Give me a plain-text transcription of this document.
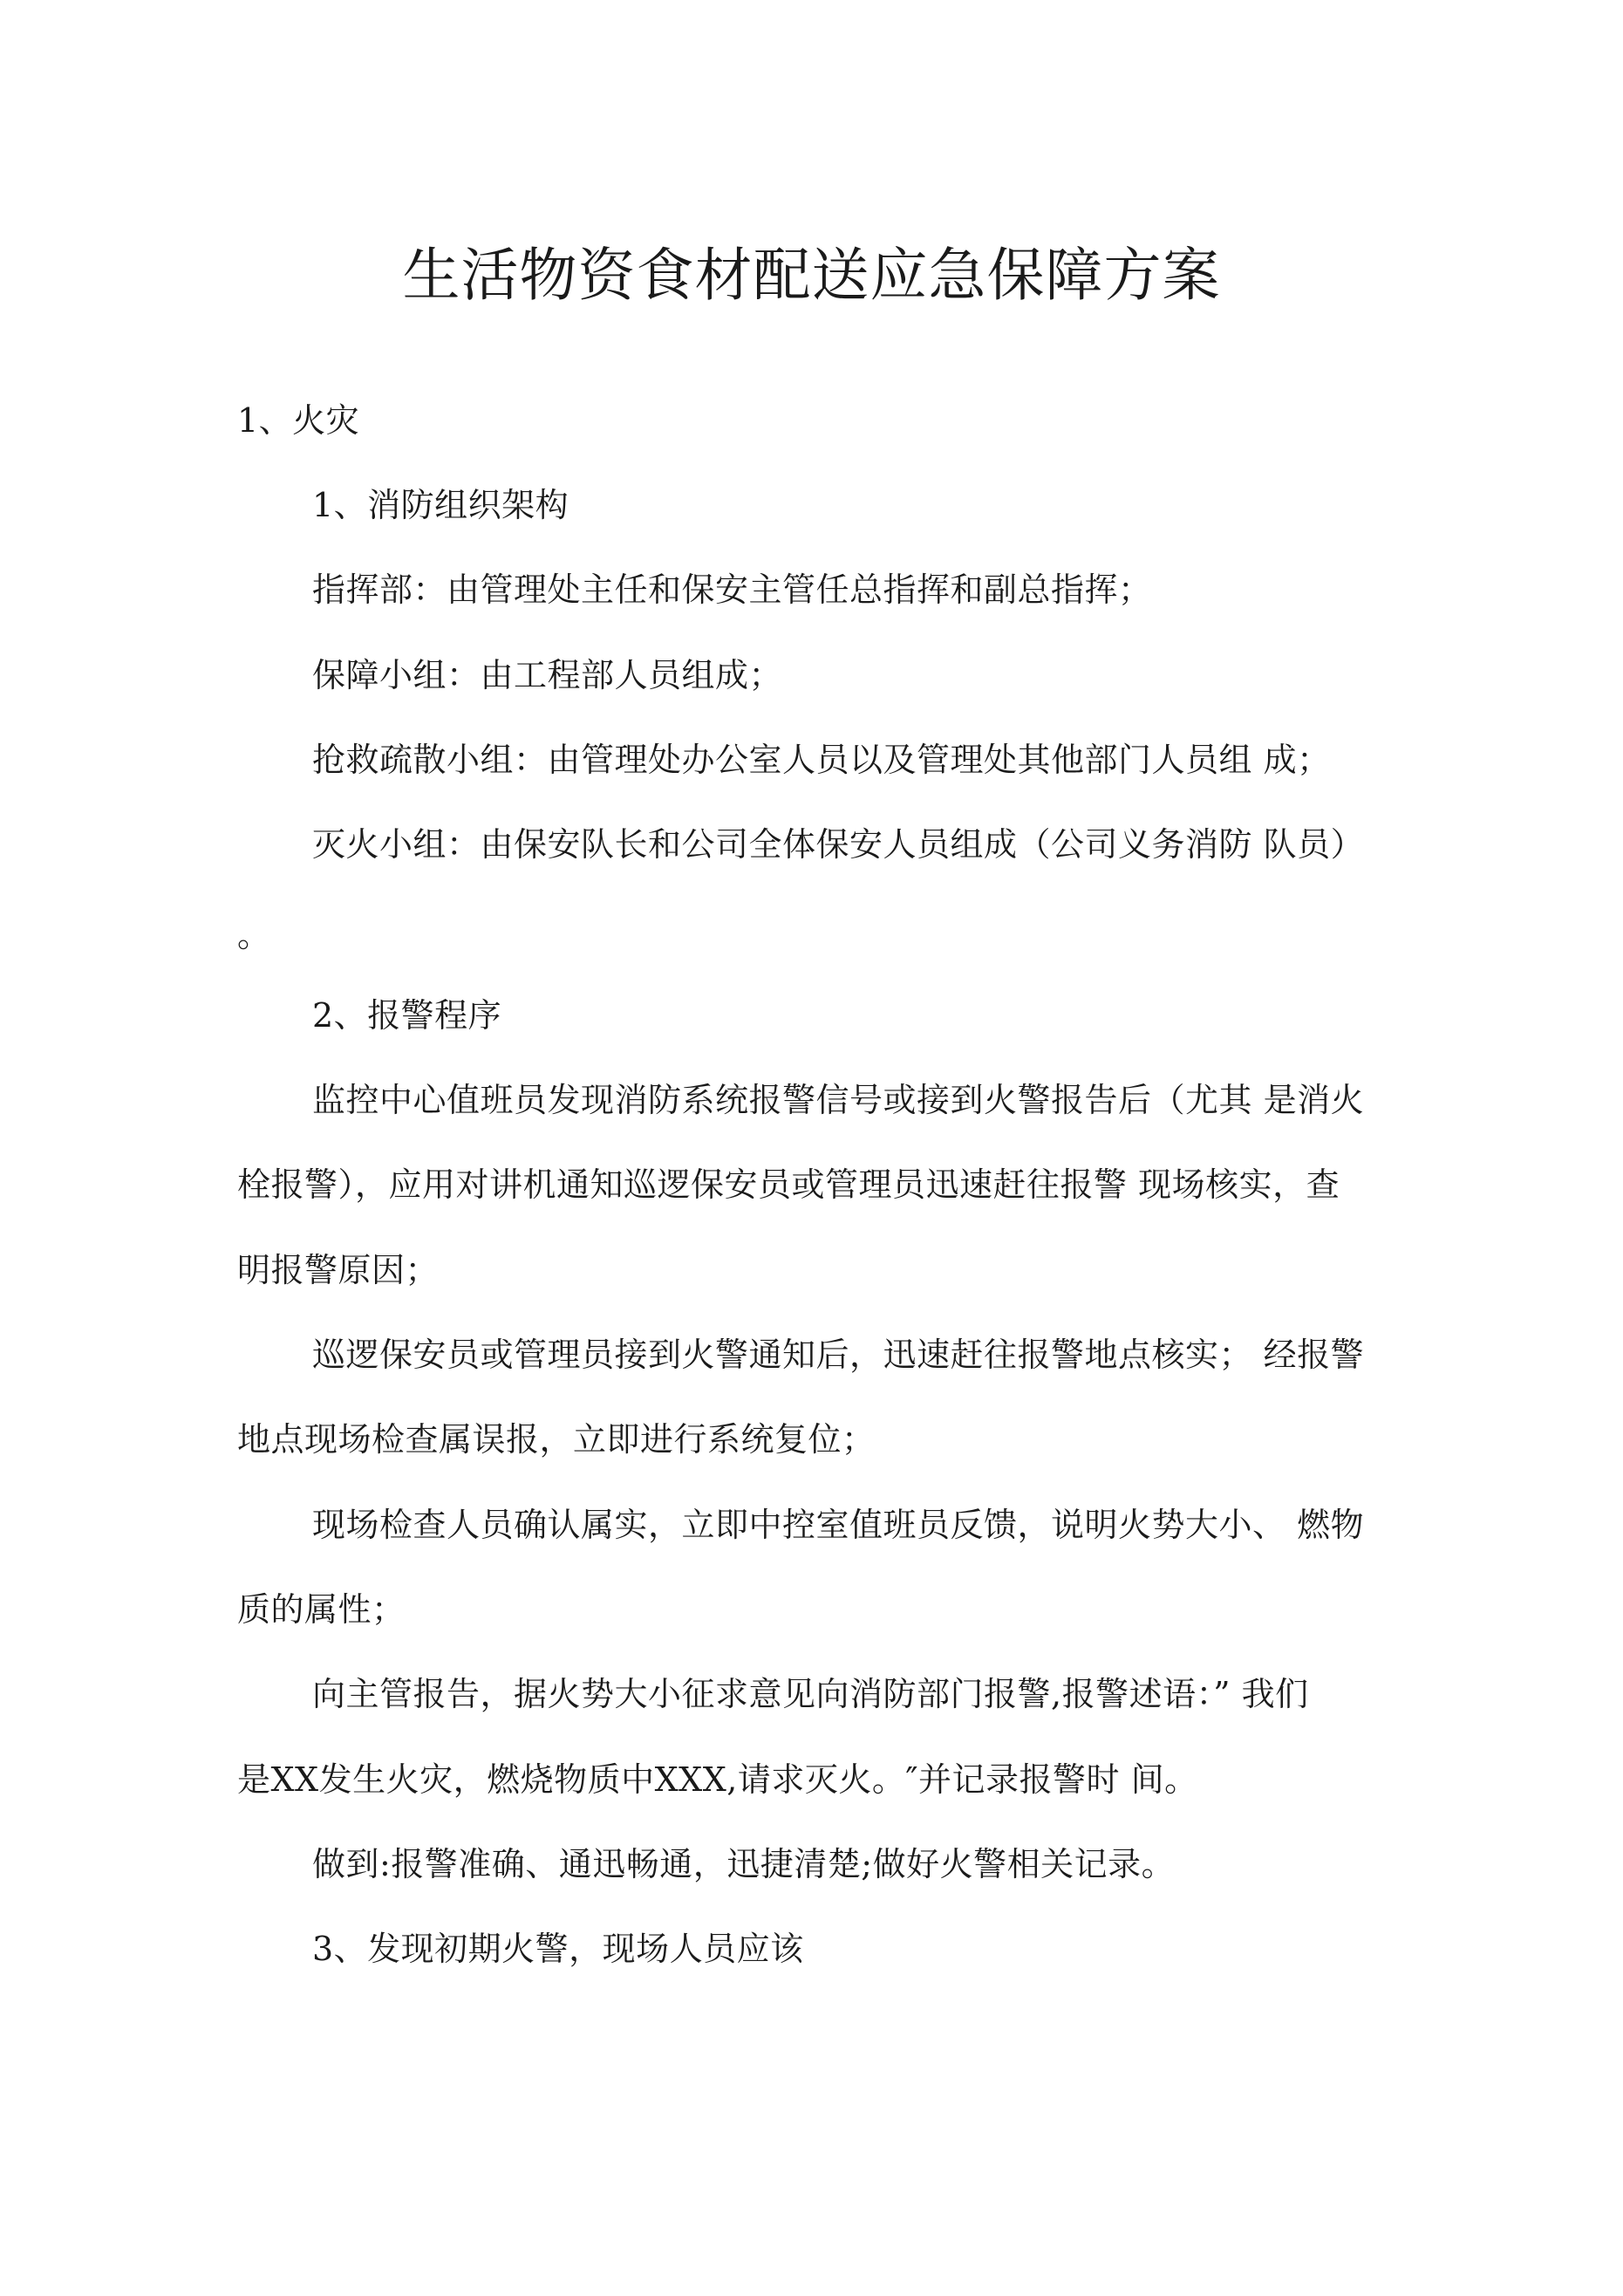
生活物资食材配送应急保障方案
1、火灾
1、消防组织架构
指挥部：由管理处主任和保安主管任总指挥和副总指挥；
保障小组：由工程部人员组成；
抢救疏散小组：由管理处办公室人员以及管理处其他部门人员组 成；
灭火小组：由保安队长和公司全体保安人员组成（公司义务消防 队员）
。
2、报警程序
监控中心值班员发现消防系统报警信号或接到火警报告后（尤其 是消火
栓报警），应用对讲机通知巡逻保安员或管理员迅速赶往报警 现场核实，查
明报警原因；
巡逻保安员或管理员接到火警通知后，迅速赶往报警地点核实； 经报警
地点现场检查属误报，立即进行系统复位；
现场检查人员确认属实，立即中控室值班员反馈，说明火势大小、 燃物
质的属性；
向主管报告，据火势大小征求意见向消防部门报警,报警述语：” 我们
是XX发生火灾，燃烧物质中XXX,请求灭火。″并记录报警时 间。
做到:报警准确、通迅畅通，迅捷清楚;做好火警相关记录。
3、发现初期火警，现场人员应该
